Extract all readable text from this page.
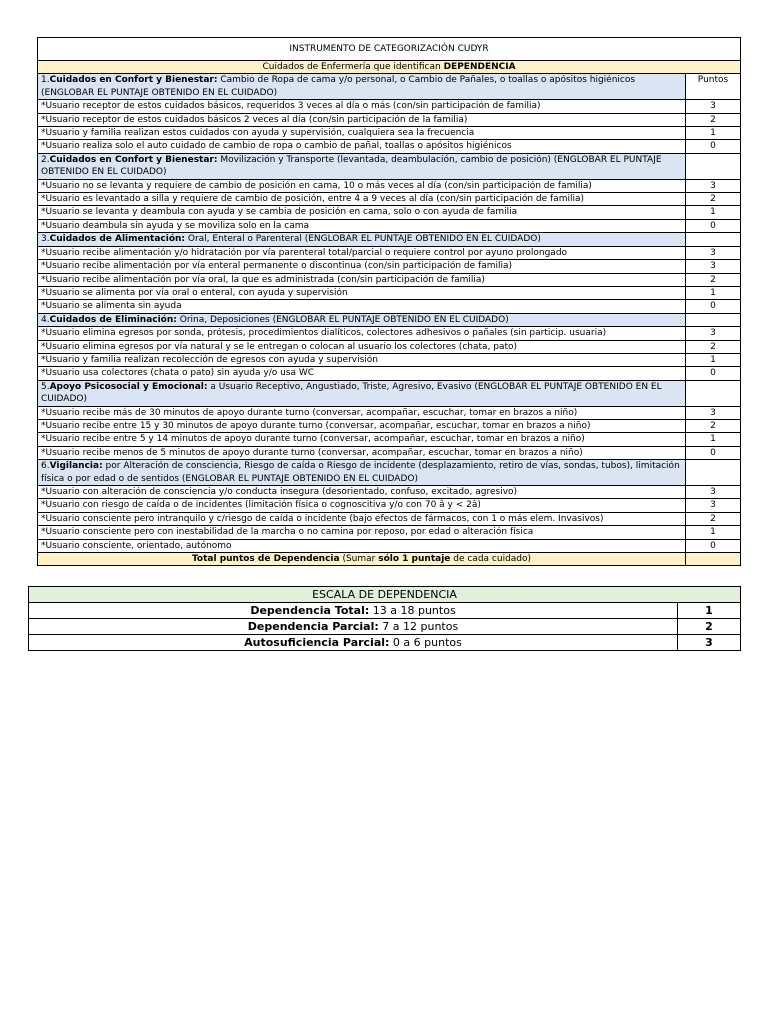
INSTRUMENTO DE CATEGORIZACIÓN CUDYR	
Cuidados de Enfermería que identifican DEPENDENCIA	
1.Cuidados en Confort y Bienestar: Cambio de Ropa de cama y/o personal, o Cambio de Pañales, o toallas o apósitos higiénicos (ENGLOBAR EL PUNTAJE OBTENIDO EN EL CUIDADO)	Puntos
*Usuario receptor de estos cuidados básicos, requeridos 3 veces al día o más (con/sin participación de familia)	3
*Usuario receptor de estos cuidados básicos 2 veces al día (con/sin participación de la familia)	2
*Usuario y familia realizan estos cuidados con ayuda y supervisión, cualquiera sea la frecuencia	1
*Usuario realiza solo el auto cuidado de cambio de ropa o cambio de pañal, toallas o apósitos higiénicos	0
2.Cuidados en Confort y Bienestar: Movilización y Transporte (levantada, deambulación, cambio de posición) (ENGLOBAR EL PUNTAJE OBTENIDO EN EL CUIDADO)	
*Usuario no se levanta y requiere de cambio de posición en cama, 10 o más veces al día (con/sin participación de familia)	3
*Usuario es levantado a silla y requiere de cambio de posición, entre 4 a 9 veces al día (con/sin participación de familia)	2
*Usuario se levanta y deambula con ayuda y se cambia de posición en cama, solo o con ayuda de familia	1
*Usuario deambula sin ayuda y se moviliza solo en la cama	0
3.Cuidados de Alimentación: Oral, Enteral o Parenteral (ENGLOBAR EL PUNTAJE OBTENIDO EN EL CUIDADO)	
*Usuario recibe alimentación y/o hidratación por vía parenteral total/parcial o requiere control por ayuno prolongado	3
*Usuario recibe alimentación por vía enteral permanente o discontinua (con/sin participación de familia)	3
*Usuario recibe alimentación por vía oral, la que es administrada (con/sin participación de familia)	2
*Usuario se alimenta por vía oral o enteral, con ayuda y supervisión	1
*Usuario se alimenta sin ayuda	0
4.Cuidados de Eliminación: Orina, Deposiciones (ENGLOBAR EL PUNTAJE OBTENIDO EN EL CUIDADO)	
*Usuario elimina egresos por sonda, prótesis, procedimientos dialíticos, colectores adhesivos o pañales (sin particip. usuaria)	3
*Usuario elimina egresos por vía natural y se le entregan o colocan al usuario los colectores (chata, pato)	2
*Usuario y familia realizan recolección de egresos con ayuda y supervisión	1
*Usuario usa colectores (chata o pato) sin ayuda y/o usa WC	0
5.Apoyo Psicosocial y Emocional: a Usuario Receptivo, Angustiado, Triste, Agresivo, Evasivo (ENGLOBAR EL PUNTAJE OBTENIDO EN EL CUIDADO)	
*Usuario recibe más de 30 minutos de apoyo durante turno (conversar, acompañar, escuchar, tomar en brazos a niño)	3
*Usuario recibe entre 15 y 30 minutos de apoyo durante turno (conversar, acompañar, escuchar, tomar en brazos a niño)	2
*Usuario recibe entre 5 y 14 minutos de apoyo durante turno (conversar, acompañar, escuchar, tomar en brazos a niño)	1
*Usuario recibe menos de 5 minutos de apoyo durante turno (conversar, acompañar, escuchar, tomar en brazos a niño)	0
6.Vigilancia: por Alteración de consciencia, Riesgo de caída o Riesgo de incidente (desplazamiento, retiro de vías, sondas, tubos), limitación física o por edad o de sentidos (ENGLOBAR EL PUNTAJE OBTENIDO EN EL CUIDADO)	
*Usuario con alteración de consciencia y/o conducta insegura (desorientado, confuso, excitado, agresivo)	3
*Usuario con riesgo de caída o de incidentes (limitación física o cognoscitiva y/o con 70 â y < 2â)	3
*Usuario consciente pero intranquilo y c/riesgo de caída o incidente (bajo efectos de fármacos, con 1 o más elem. Invasivos)	2
*Usuario consciente pero con inestabilidad de la marcha o no camina por reposo, por edad o alteración física	1
*Usuario consciente, orientado, autónomo	0
Total puntos de Dependencia (Sumar sólo 1 puntaje de cada cuidado)	
ESCALA DE DEPENDENCIA	
Dependencia Total: 13 a 18 puntos	1
Dependencia Parcial: 7 a 12 puntos	2
Autosuficiencia Parcial: 0 a 6 puntos	3
